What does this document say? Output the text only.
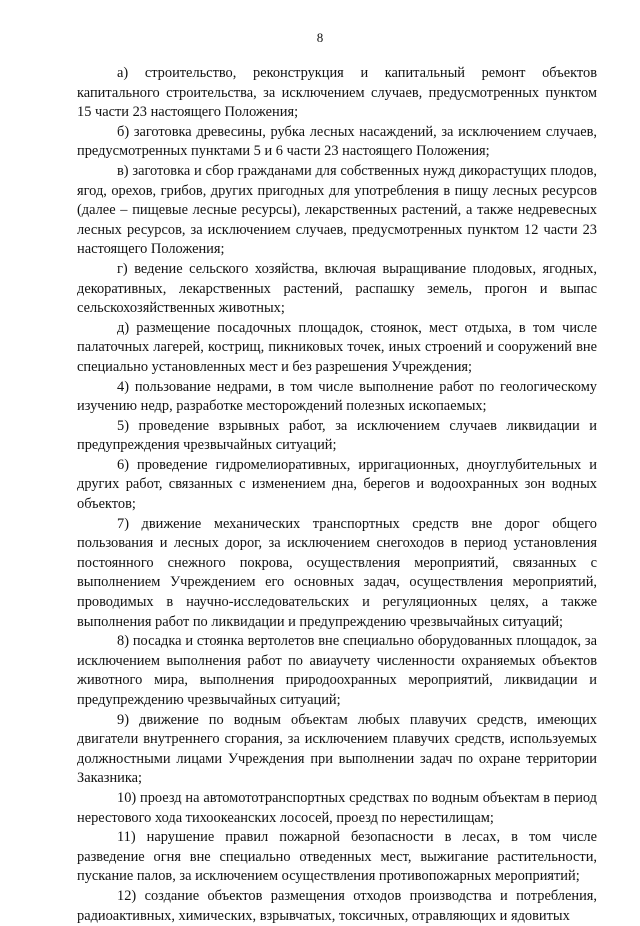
8

а) строительство, реконструкция и капитальный ремонт объектов капитального строительства, за исключением случаев, предусмотренных пунктом 15 части 23 настоящего Положения;

б) заготовка древесины, рубка лесных насаждений, за исключением случаев, предусмотренных пунктами 5 и 6 части 23 настоящего Положения;

в) заготовка и сбор гражданами для собственных нужд дикорастущих плодов, ягод, орехов, грибов, других пригодных для употребления в пищу лесных ресурсов (далее – пищевые лесные ресурсы), лекарственных растений, а также недревесных лесных ресурсов, за исключением случаев, предусмотренных пунктом 12 части 23 настоящего Положения;

г) ведение сельского хозяйства, включая выращивание плодовых, ягодных, декоративных, лекарственных растений, распашку земель, прогон и выпас сельскохозяйственных животных;

д) размещение посадочных площадок, стоянок, мест отдыха, в том числе палаточных лагерей, кострищ, пикниковых точек, иных строений и сооружений вне специально установленных мест и без разрешения Учреждения;

4) пользование недрами, в том числе выполнение работ по геологическому изучению недр, разработке месторождений полезных ископаемых;

5) проведение взрывных работ, за исключением случаев ликвидации и предупреждения чрезвычайных ситуаций;

6) проведение гидромелиоративных, ирригационных, дноуглубительных и других работ, связанных с изменением дна, берегов и водоохранных зон водных объектов;

7) движение механических транспортных средств вне дорог общего пользования и лесных дорог, за исключением снегоходов в период установления постоянного снежного покрова, осуществления мероприятий, связанных с выполнением Учреждением его основных задач, осуществления мероприятий, проводимых в научно-исследовательских и регуляционных целях, а также выполнения работ по ликвидации и предупреждению чрезвычайных ситуаций;

8) посадка и стоянка вертолетов вне специально оборудованных площадок, за исключением выполнения работ по авиаучету численности охраняемых объектов животного мира, выполнения природоохранных мероприятий, ликвидации и предупреждению чрезвычайных ситуаций;

9) движение по водным объектам любых плавучих средств, имеющих двигатели внутреннего сгорания, за исключением плавучих средств, используемых должностными лицами Учреждения при выполнении задач по охране территории Заказника;

10) проезд на автомототранспортных средствах по водным объектам в период нерестового хода тихоокеанских лососей, проезд по нерестилищам;

11) нарушение правил пожарной безопасности в лесах, в том числе разведение огня вне специально отведенных мест, выжигание растительности, пускание палов, за исключением осуществления противопожарных мероприятий;

12) создание объектов размещения отходов производства и потребления, радиоактивных, химических, взрывчатых, токсичных, отравляющих и ядовитых
